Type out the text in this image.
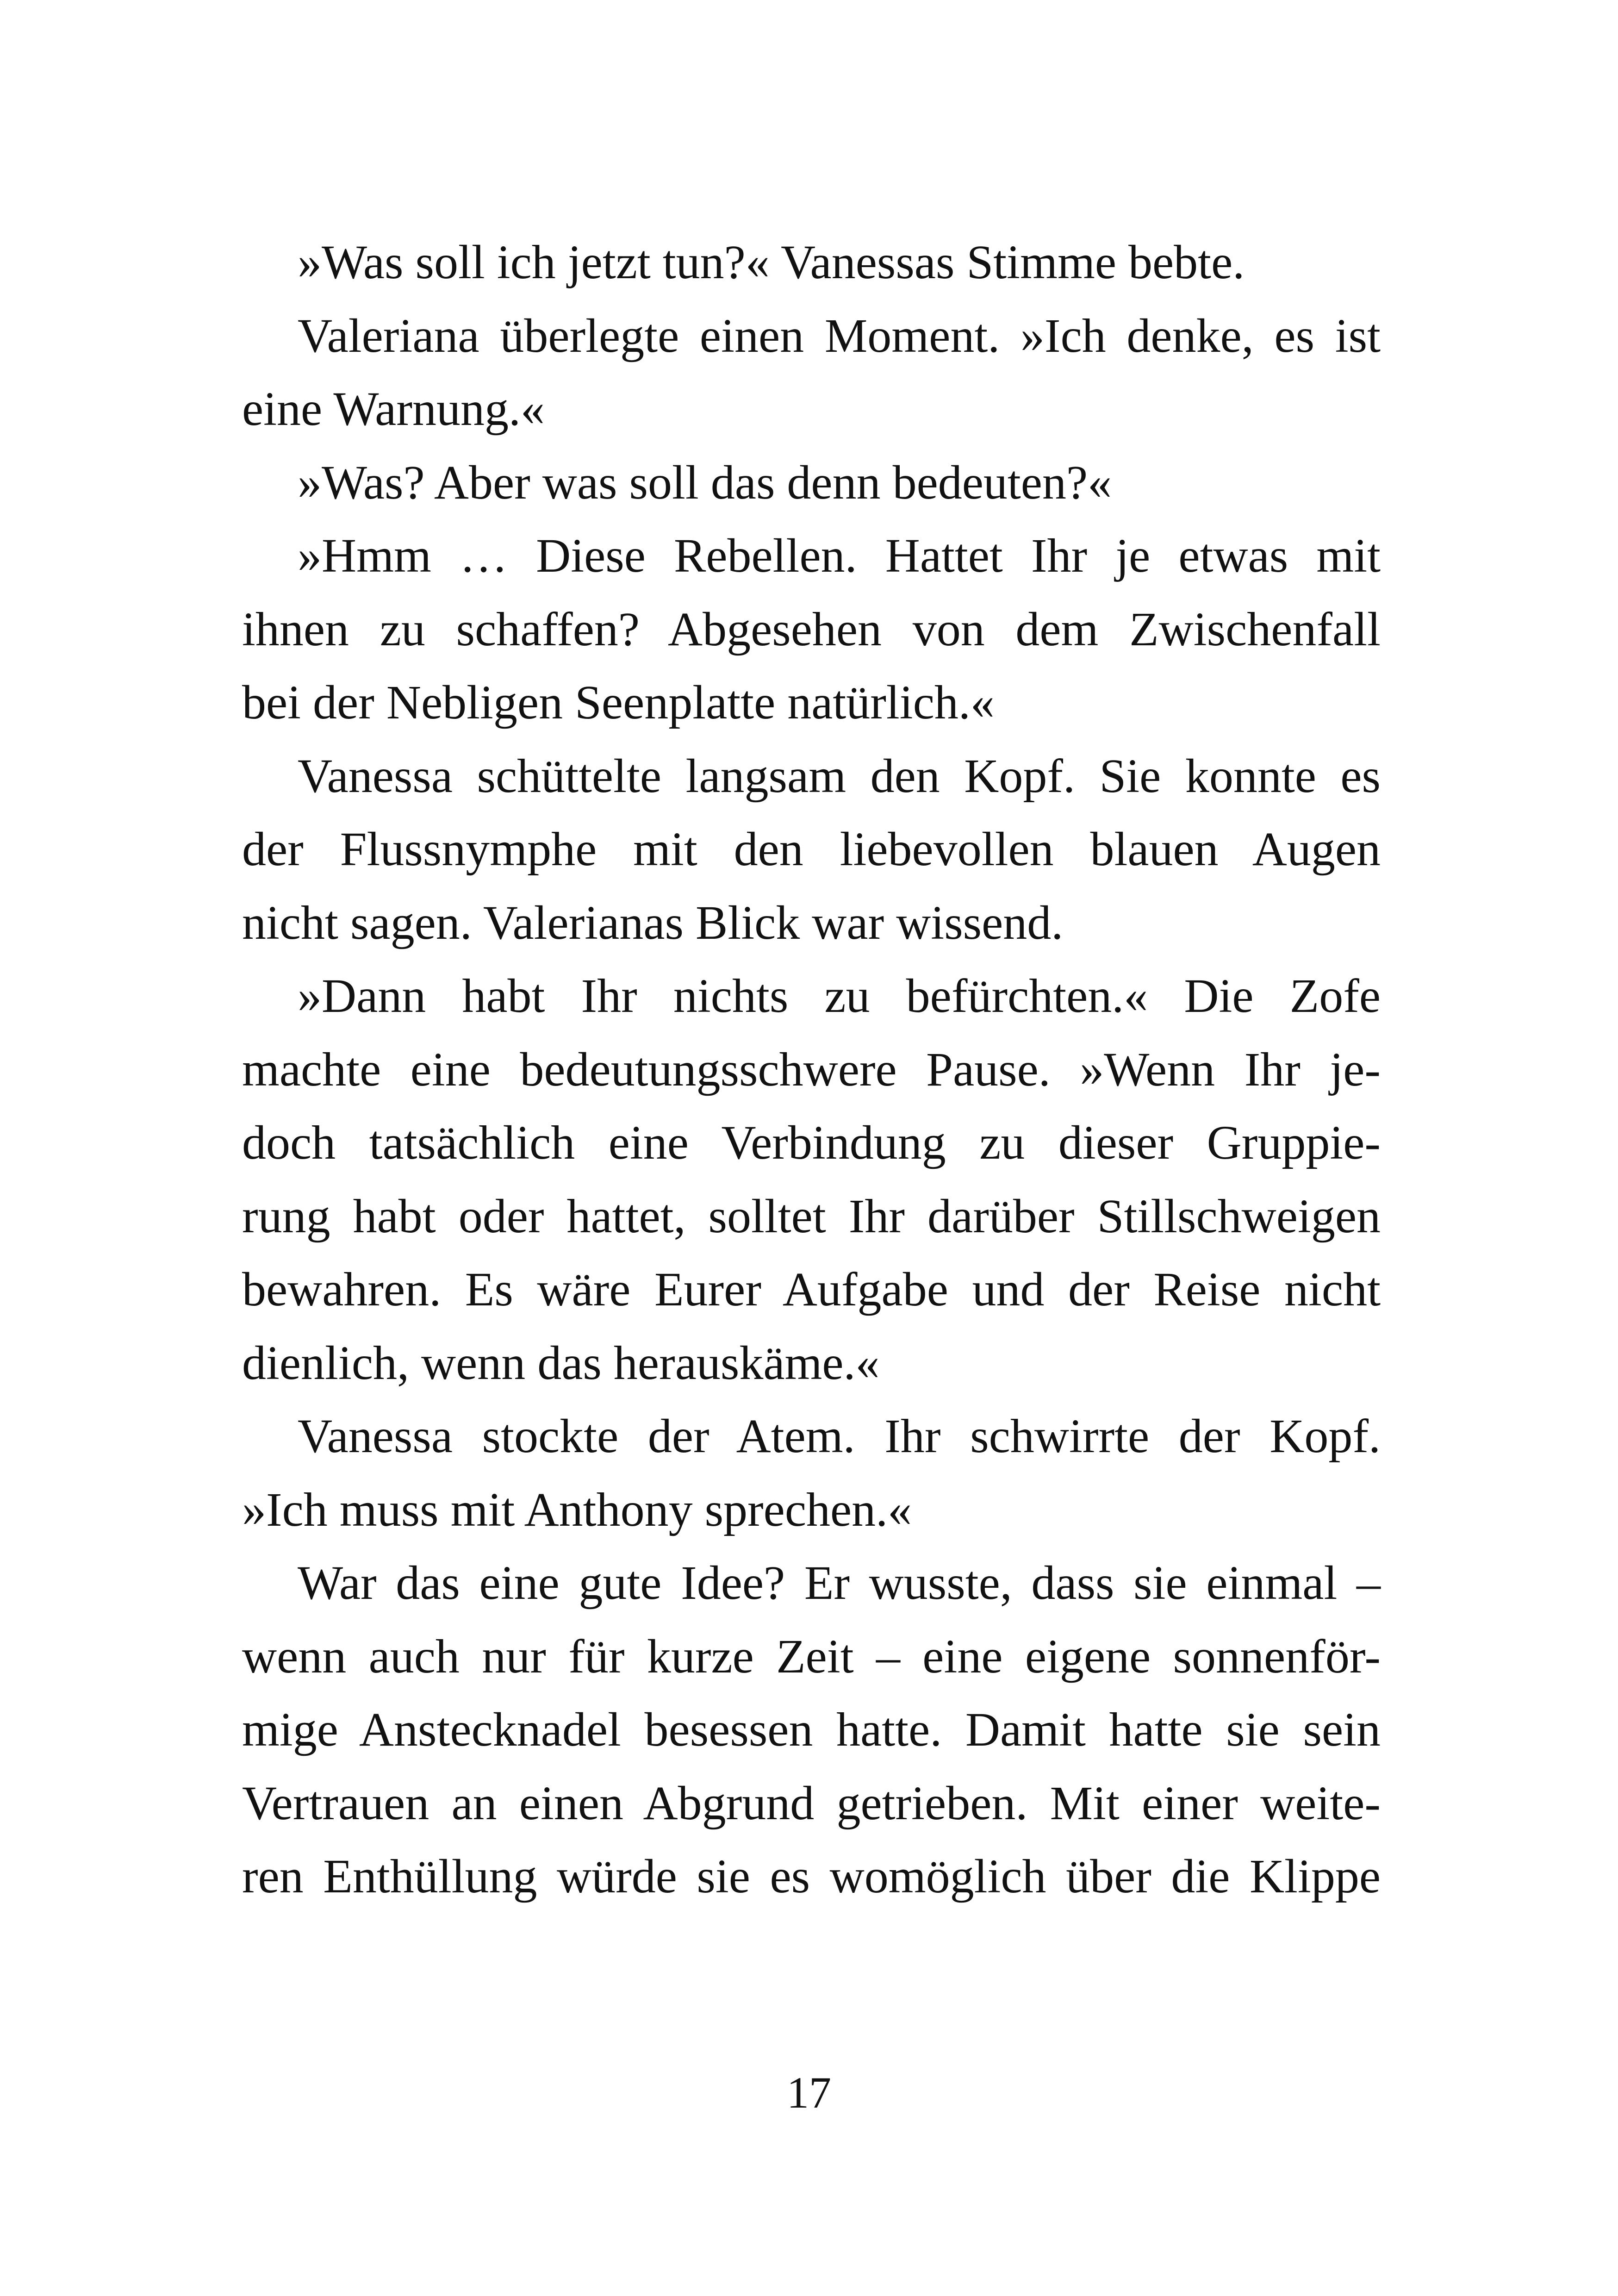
»Was soll ich jetzt tun?« Vanessas Stimme bebte.
Valeriana überlegte einen Moment. »Ich denke, es ist
eine Warnung.«
»Was? Aber was soll das denn bedeuten?«
»Hmm … Diese Rebellen. Hattet Ihr je etwas mit
ihnen zu schaffen? Abgesehen von dem Zwischenfall
bei der Nebligen Seenplatte natürlich.«
Vanessa schüttelte langsam den Kopf. Sie konnte es
der Flussnymphe mit den liebevollen blauen Augen
nicht sagen. Valerianas Blick war wissend.
»Dann habt Ihr nichts zu befürchten.« Die Zofe
machte eine bedeutungsschwere Pause. »Wenn Ihr je-
doch tatsächlich eine Verbindung zu dieser Gruppie-
rung habt oder hattet, solltet Ihr darüber Stillschweigen
bewahren. Es wäre Eurer Aufgabe und der Reise nicht
dienlich, wenn das herauskäme.«
Vanessa stockte der Atem. Ihr schwirrte der Kopf.
»Ich muss mit Anthony sprechen.«
War das eine gute Idee? Er wusste, dass sie einmal –
wenn auch nur für kurze Zeit – eine eigene sonnenför-
mige Anstecknadel besessen hatte. Damit hatte sie sein
Vertrauen an einen Abgrund getrieben. Mit einer weite-
ren Enthüllung würde sie es womöglich über die Klippe
17
